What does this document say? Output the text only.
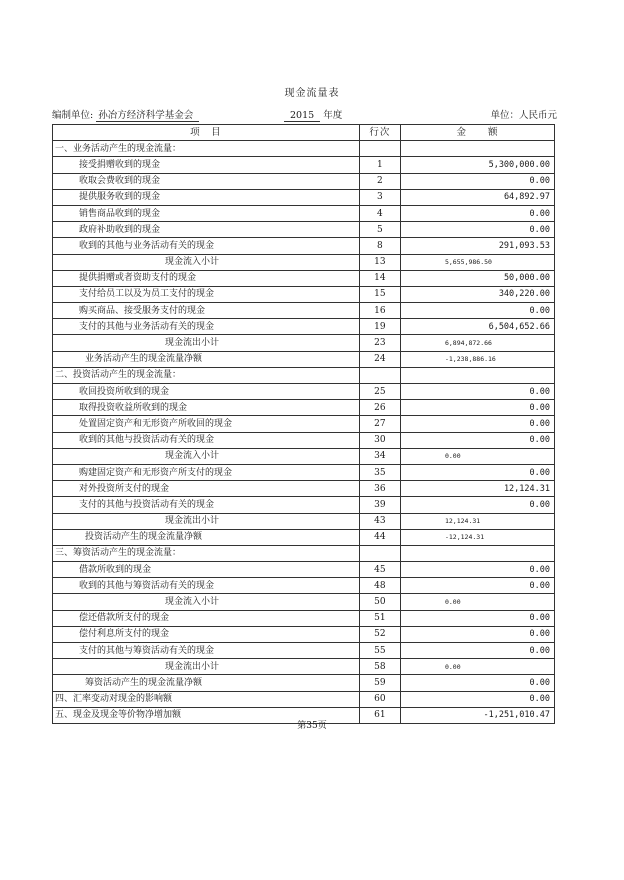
现金流量表
编制单位: 孙冶方经济科学基金会	2015 年度	单位：人民币元
项　目	行次	金　　额
一、业务活动产生的现金流量：		
接受捐赠收到的现金	1	5,300,000.00
收取会费收到的现金	2	0.00
提供服务收到的现金	3	64,892.97
销售商品收到的现金	4	0.00
政府补助收到的现金	5	0.00
收到的其他与业务活动有关的现金	8	291,093.53
现金流入小计	13	5,655,986.50
提供捐赠或者资助支付的现金	14	50,000.00
支付给员工以及为员工支付的现金	15	340,220.00
购买商品、接受服务支付的现金	16	0.00
支付的其他与业务活动有关的现金	19	6,504,652.66
现金流出小计	23	6,894,872.66
业务活动产生的现金流量净额	24	-1,238,886.16
二、投资活动产生的现金流量：		
收回投资所收到的现金	25	0.00
取得投资收益所收到的现金	26	0.00
处置固定资产和无形资产所收回的现金	27	0.00
收到的其他与投资活动有关的现金	30	0.00
现金流入小计	34	0.00
购建固定资产和无形资产所支付的现金	35	0.00
对外投资所支付的现金	36	12,124.31
支付的其他与投资活动有关的现金	39	0.00
现金流出小计	43	12,124.31
投资活动产生的现金流量净额	44	-12,124.31
三、筹资活动产生的现金流量：		
借款所收到的现金	45	0.00
收到的其他与筹资活动有关的现金	48	0.00
现金流入小计	50	0.00
偿还借款所支付的现金	51	0.00
偿付利息所支付的现金	52	0.00
支付的其他与筹资活动有关的现金	55	0.00
现金流出小计	58	0.00
筹资活动产生的现金流量净额	59	0.00
四、汇率变动对现金的影响额	60	0.00
五、现金及现金等价物净增加额	61	-1,251,010.47
第35页
